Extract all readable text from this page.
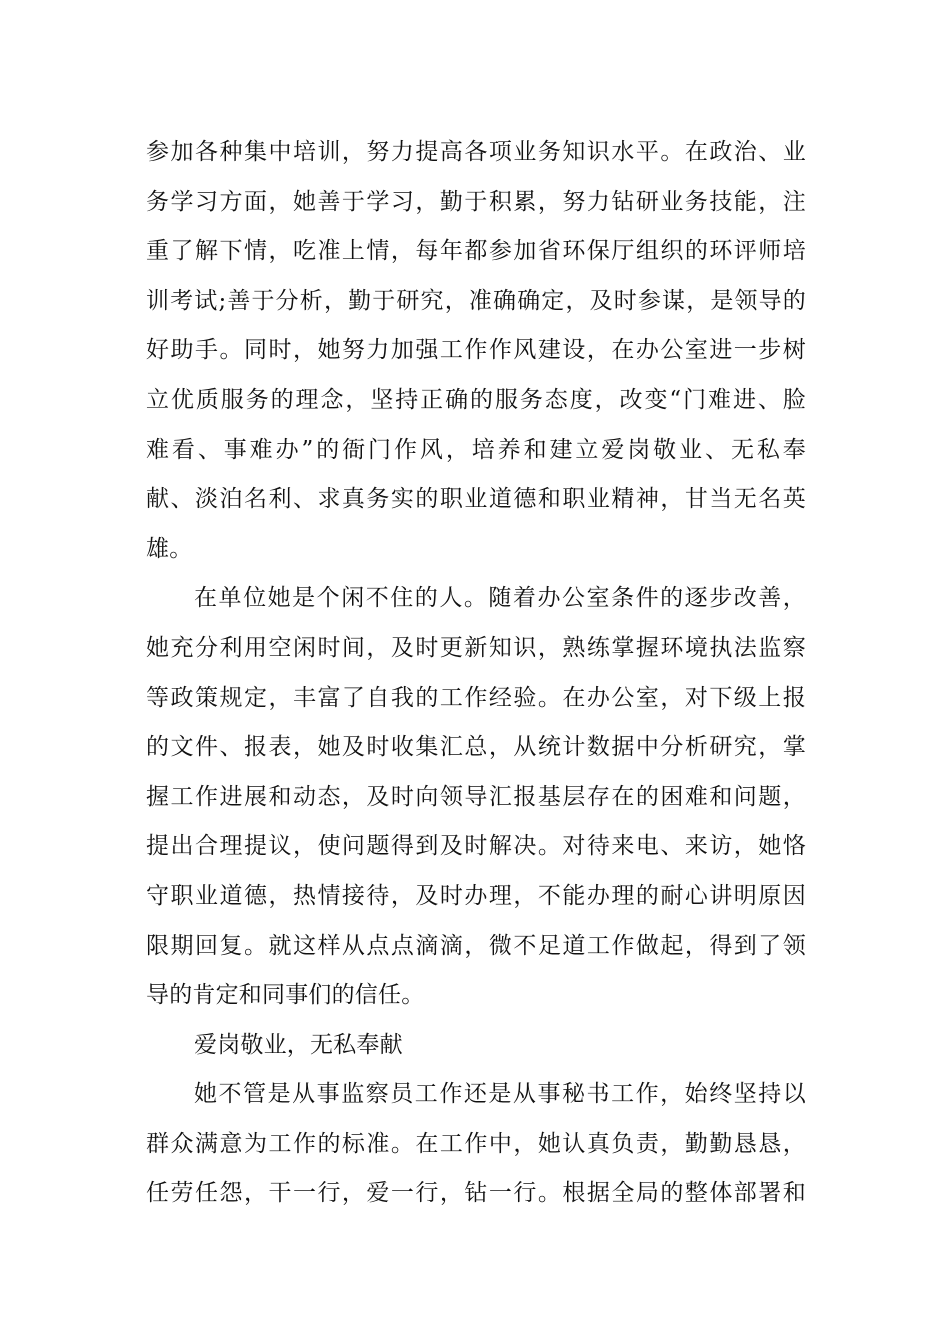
参加各种集中培训，努力提高各项业务知识水平。在政治、业
务学习方面，她善于学习，勤于积累，努力钻研业务技能，注
重了解下情，吃准上情，每年都参加省环保厅组织的环评师培
训考试;善于分析，勤于研究，准确确定，及时参谋，是领导的
好助手。同时，她努力加强工作作风建设，在办公室进一步树
立优质服务的理念，坚持正确的服务态度，改变“门难进、脸
难看、事难办”的衙门作风，培养和建立爱岗敬业、无私奉
献、淡泊名利、求真务实的职业道德和职业精神，甘当无名英
雄。
在单位她是个闲不住的人。随着办公室条件的逐步改善，
她充分利用空闲时间，及时更新知识，熟练掌握环境执法监察
等政策规定，丰富了自我的工作经验。在办公室，对下级上报
的文件、报表，她及时收集汇总，从统计数据中分析研究，掌
握工作进展和动态，及时向领导汇报基层存在的困难和问题，
提出合理提议，使问题得到及时解决。对待来电、来访，她恪
守职业道德，热情接待，及时办理，不能办理的耐心讲明原因
限期回复。就这样从点点滴滴，微不足道工作做起，得到了领
导的肯定和同事们的信任。
爱岗敬业，无私奉献
她不管是从事监察员工作还是从事秘书工作，始终坚持以
群众满意为工作的标准。在工作中，她认真负责，勤勤恳恳，
任劳任怨，干一行，爱一行，钻一行。根据全局的整体部署和
